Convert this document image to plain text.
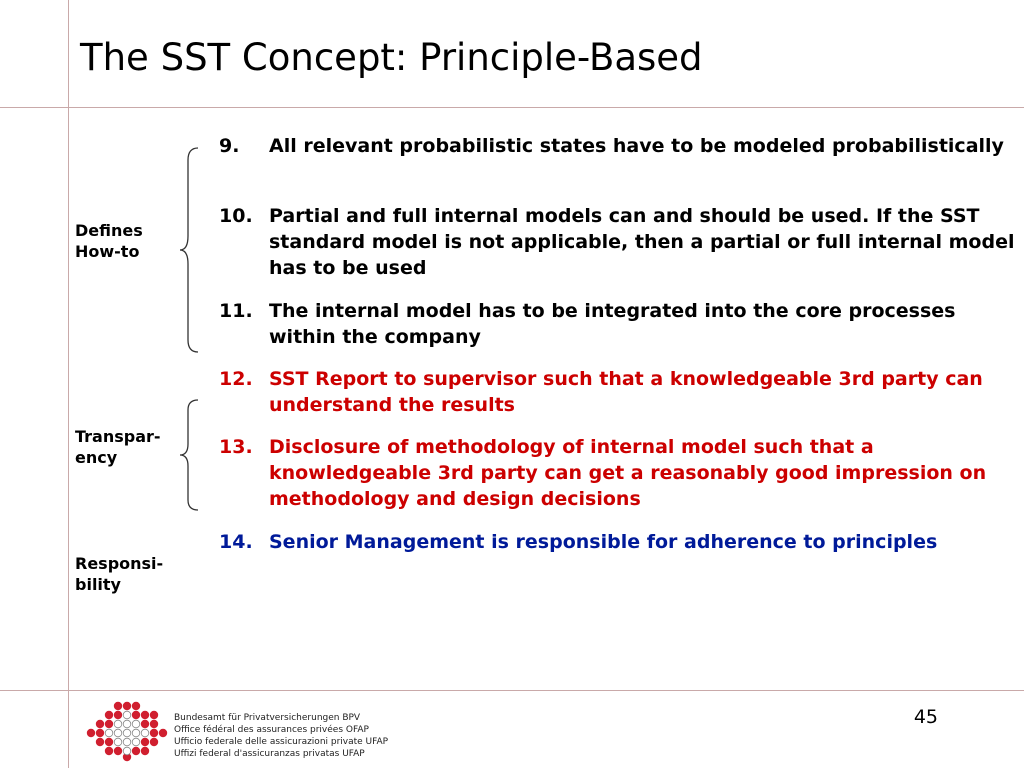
The SST Concept: Principle-Based
Defines
How-to
Transpar-
ency
Responsi-
bility
9. All relevant probabilistic states have to be modeled probabilistically
10. Partial and full internal models can and should be used. If the SST standard model is not applicable, then a partial or full internal model has to be used
11. The internal model has to be integrated into the core processes within the company
12. SST Report to supervisor such that a knowledgeable 3rd party can understand the results
13. Disclosure of methodology of internal model such that a knowledgeable 3rd party can get a reasonably good impression on methodology and design decisions
14. Senior Management is responsible for adherence to principles
Bundesamt für Privatversicherungen BPV
Office fédéral des assurances privées OFAP
Ufficio federale delle assicurazioni private UFAP
Uffizi federal d'assicuranzas privatas UFAP
45
